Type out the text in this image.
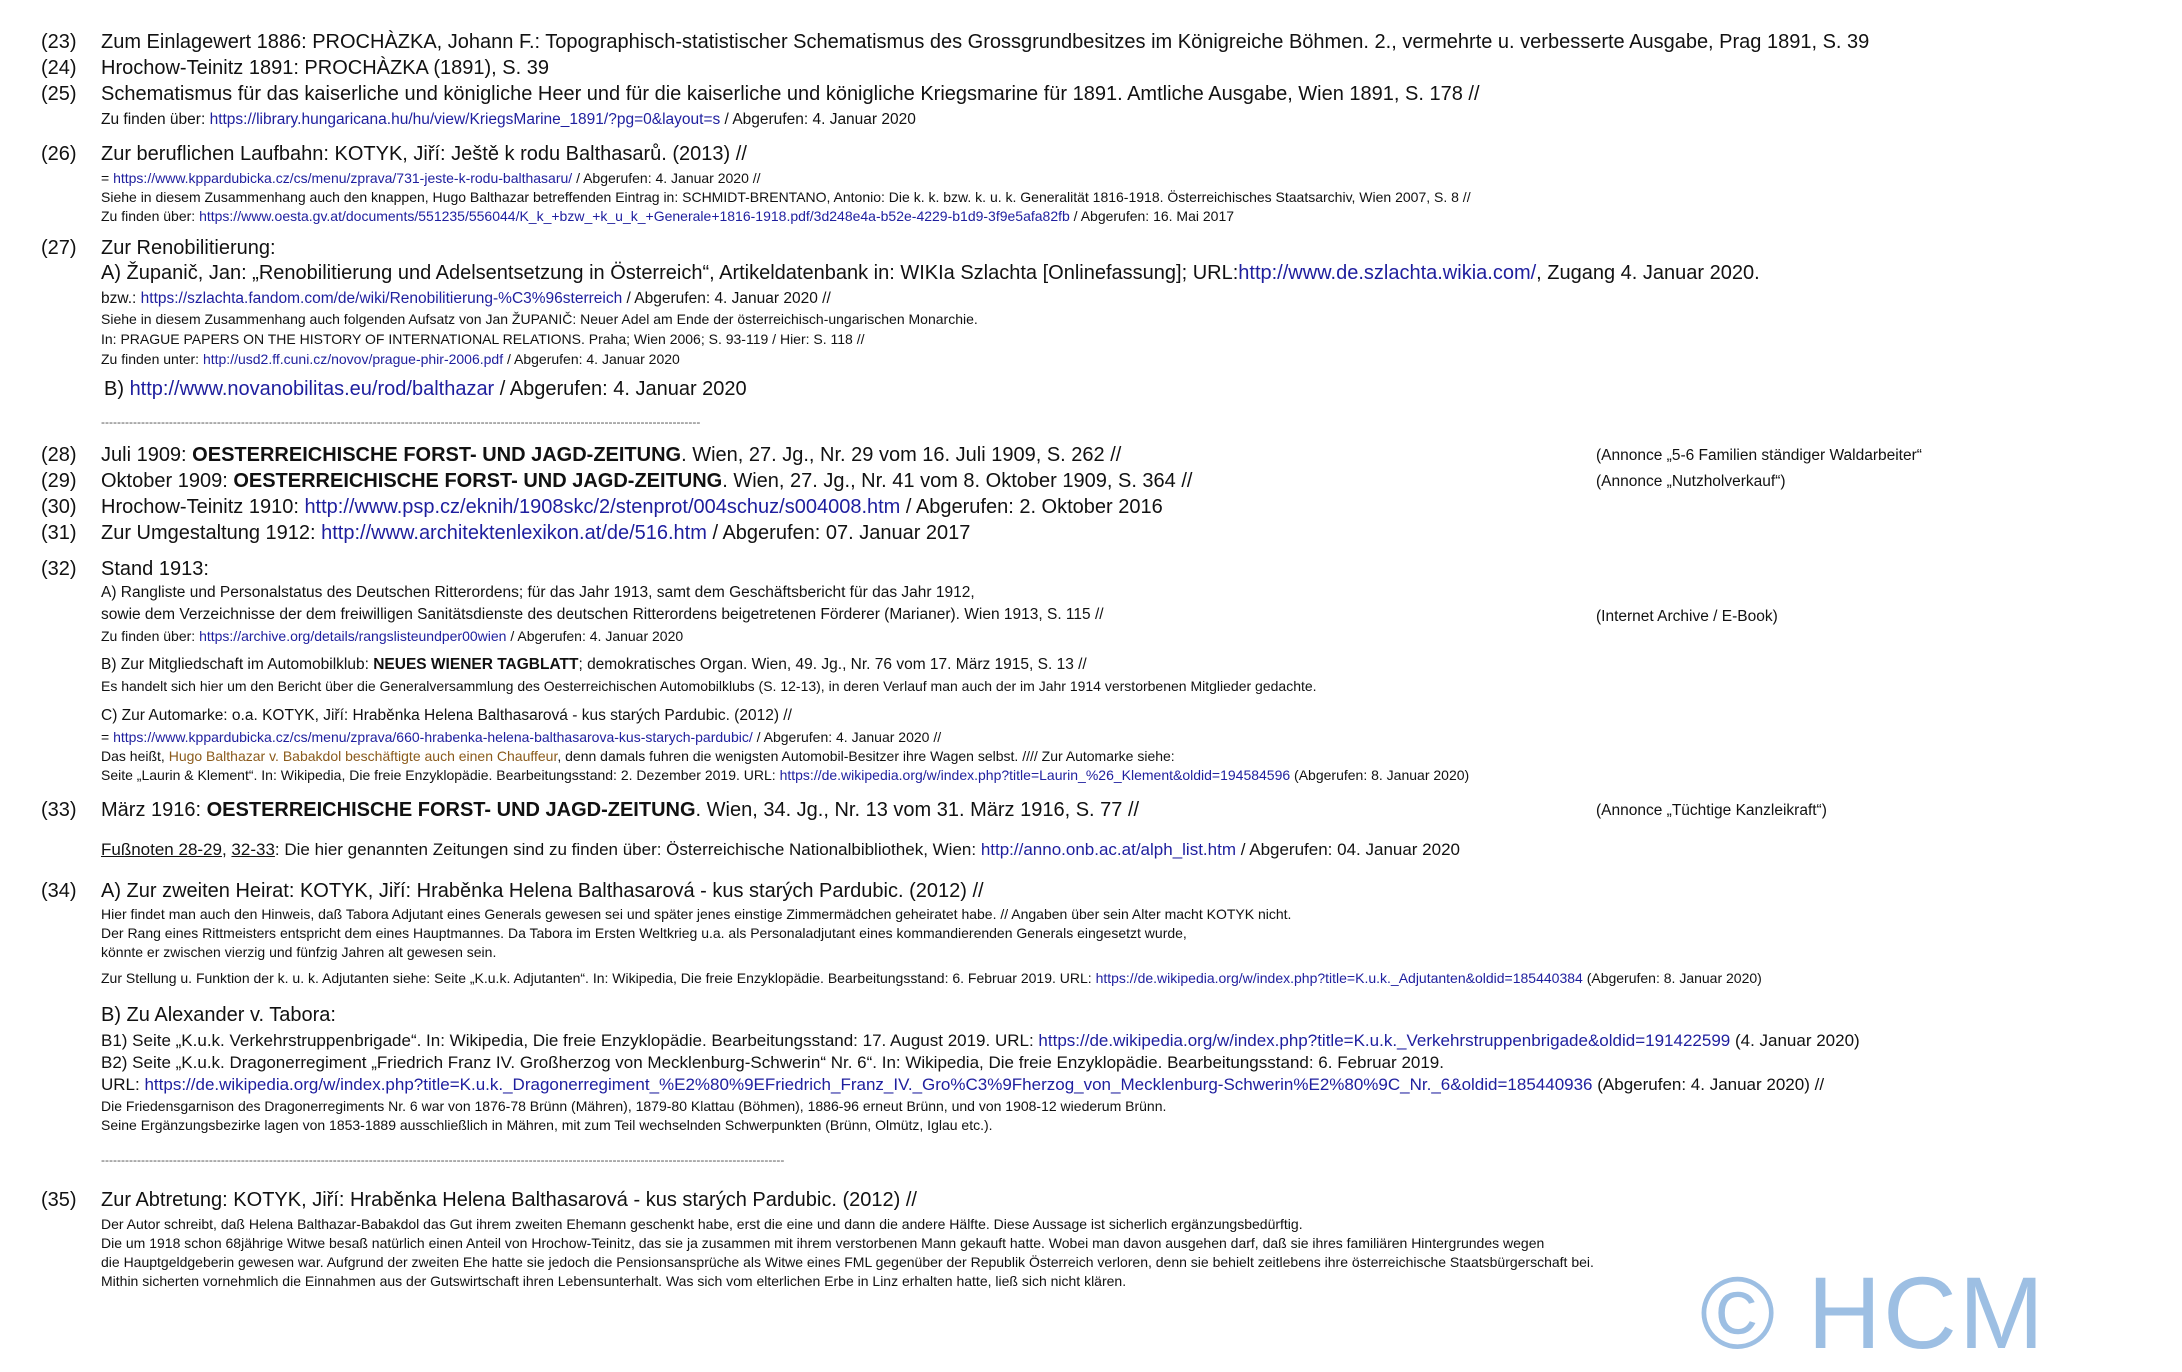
(23) Zum Einlagewert 1886: PROCHÀZKA, Johann F.: Topographisch-statistischer Schematismus des Grossgrundbesitzes im Königreiche Böhmen. 2., vermehrte u. verbesserte Ausgabe, Prag 1891, S. 39
(24) Hrochow-Teinitz 1891: PROCHÀZKA (1891), S. 39
(25) Schematismus für das kaiserliche und königliche Heer und für die kaiserliche und königliche Kriegsmarine für 1891. Amtliche Ausgabe, Wien 1891, S. 178 //
Zu finden über: https://library.hungaricana.hu/hu/view/KriegsMarine_1891/?pg=0&layout=s / Abgerufen: 4. Januar 2020
(26) Zur beruflichen Laufbahn: KOTYK, Jiří: Ještě k rodu Balthasarů. (2013) //
= https://www.kppardubicka.cz/cs/menu/zprava/731-jeste-k-rodu-balthasaru/ / Abgerufen: 4. Januar 2020 //
Siehe in diesem Zusammenhang auch den knappen, Hugo Balthazar betreffenden Eintrag in: SCHMIDT-BRENTANO, Antonio: Die k. k. bzw. k. u. k. Generalität 1816-1918. Österreichisches Staatsarchiv, Wien 2007, S. 8 //
Zu finden über: https://www.oesta.gv.at/documents/551235/556044/K_k_+bzw_+k_u_k_+Generale+1816-1918.pdf/3d248e4a-b52e-4229-b1d9-3f9e5afa82fb / Abgerufen: 16. Mai 2017
(27) Zur Renobilitierung:
A) Županič, Jan: „Renobilitierung und Adelsentsetzung in Österreich“, Artikeldatenbank in: WIKIa Szlachta [Onlinefassung]; URL:http://www.de.szlachta.wikia.com/, Zugang 4. Januar 2020.
bzw.: https://szlachta.fandom.com/de/wiki/Renobilitierung-%C3%96sterreich / Abgerufen: 4. Januar 2020 //
Siehe in diesem Zusammenhang auch folgenden Aufsatz von Jan ŽUPANIČ: Neuer Adel am Ende der österreichisch-ungarischen Monarchie.
In: PRAGUE PAPERS ON THE HISTORY OF INTERNATIONAL RELATIONS. Praha; Wien 2006; S. 93-119 / Hier: S. 118 //
Zu finden unter: http://usd2.ff.cuni.cz/novov/prague-phir-2006.pdf / Abgerufen: 4. Januar 2020
B) http://www.novanobilitas.eu/rod/balthazar / Abgerufen: 4. Januar 2020
------------------------------------------------------------------------------------------------------------------------------------------------------
(28) Juli 1909: OESTERREICHISCHE FORST- UND JAGD-ZEITUNG. Wien, 27. Jg., Nr. 29 vom 16. Juli 1909, S. 262 //	(Annonce „5-6 Familien ständiger Waldarbeiter“
(29) Oktober 1909: OESTERREICHISCHE FORST- UND JAGD-ZEITUNG. Wien, 27. Jg., Nr. 41 vom 8. Oktober 1909, S. 364 //	(Annonce „Nutzholverkauf“)
(30) Hrochow-Teinitz 1910: http://www.psp.cz/eknih/1908skc/2/stenprot/004schuz/s004008.htm / Abgerufen: 2. Oktober 2016
(31) Zur Umgestaltung 1912: http://www.architektenlexikon.at/de/516.htm / Abgerufen: 07. Januar 2017
(32) Stand 1913:
A) Rangliste und Personalstatus des Deutschen Ritterordens; für das Jahr 1913, samt dem Geschäftsbericht für das Jahr 1912,
sowie dem Verzeichnisse der dem freiwilligen Sanitätsdienste des deutschen Ritterordens beigetretenen Förderer (Marianer). Wien 1913, S. 115 //	(Internet Archive / E-Book)
Zu finden über: https://archive.org/details/rangslisteundper00wien / Abgerufen: 4. Januar 2020
B) Zur Mitgliedschaft im Automobilklub: NEUES WIENER TAGBLATT; demokratisches Organ. Wien, 49. Jg., Nr. 76 vom 17. März 1915, S. 13 //
Es handelt sich hier um den Bericht über die Generalversammlung des Oesterreichischen Automobilklubs (S. 12-13), in deren Verlauf man auch der im Jahr 1914 verstorbenen Mitglieder gedachte.
C) Zur Automarke: o.a. KOTYK, Jiří: Hraběnka Helena Balthasarová - kus starých Pardubic. (2012) //
= https://www.kppardubicka.cz/cs/menu/zprava/660-hrabenka-helena-balthasarova-kus-starych-pardubic/ / Abgerufen: 4. Januar 2020 //
Das heißt, Hugo Balthazar v. Babakdol beschäftigte auch einen Chauffeur, denn damals fuhren die wenigsten Automobil-Besitzer ihre Wagen selbst. //// Zur Automarke siehe:
Seite „Laurin & Klement“. In: Wikipedia, Die freie Enzyklopädie. Bearbeitungsstand: 2. Dezember 2019. URL: https://de.wikipedia.org/w/index.php?title=Laurin_%26_Klement&oldid=194584596 (Abgerufen: 8. Januar 2020)
(33) März 1916: OESTERREICHISCHE FORST- UND JAGD-ZEITUNG. Wien, 34. Jg., Nr. 13 vom 31. März 1916, S. 77 //	(Annonce „Tüchtige Kanzleikraft“)
Fußnoten 28-29, 32-33: Die hier genannten Zeitungen sind zu finden über: Österreichische Nationalbibliothek, Wien: http://anno.onb.ac.at/alph_list.htm / Abgerufen: 04. Januar 2020
(34) A) Zur zweiten Heirat: KOTYK, Jiří: Hraběnka Helena Balthasarová - kus starých Pardubic. (2012) //
Hier findet man auch den Hinweis, daß Tabora Adjutant eines Generals gewesen sei und später jenes einstige Zimmermädchen geheiratet habe. // Angaben über sein Alter macht KOTYK nicht.
Der Rang eines Rittmeisters entspricht dem eines Hauptmannes. Da Tabora im Ersten Weltkrieg u.a. als Personaladjutant eines kommandierenden Generals eingesetzt wurde,
könnte er zwischen vierzig und fünfzig Jahren alt gewesen sein.
Zur Stellung u. Funktion der k. u. k. Adjutanten siehe: Seite „K.u.k. Adjutanten“. In: Wikipedia, Die freie Enzyklopädie. Bearbeitungsstand: 6. Februar 2019. URL: https://de.wikipedia.org/w/index.php?title=K.u.k._Adjutanten&oldid=185440384 (Abgerufen: 8. Januar 2020)
B) Zu Alexander v. Tabora:
B1) Seite „K.u.k. Verkehrstruppenbrigade“. In: Wikipedia, Die freie Enzyklopädie. Bearbeitungsstand: 17. August 2019. URL: https://de.wikipedia.org/w/index.php?title=K.u.k._Verkehrstruppenbrigade&oldid=191422599 (4. Januar 2020)
B2) Seite „K.u.k. Dragonerregiment „Friedrich Franz IV. Großherzog von Mecklenburg-Schwerin“ Nr. 6“. In: Wikipedia, Die freie Enzyklopädie. Bearbeitungsstand: 6. Februar 2019.
URL: https://de.wikipedia.org/w/index.php?title=K.u.k._Dragonerregiment_%E2%80%9EFriedrich_Franz_IV._Gro%C3%9Fherzog_von_Mecklenburg-Schwerin%E2%80%9C_Nr._6&oldid=185440936 (Abgerufen: 4. Januar 2020) //
Die Friedensgarnison des Dragonerregiments Nr. 6 war von 1876-78 Brünn (Mähren), 1879-80 Klattau (Böhmen), 1886-96 erneut Brünn, und von 1908-12 wiederum Brünn.
Seine Ergänzungsbezirke lagen von 1853-1889 ausschließlich in Mähren, mit zum Teil wechselnden Schwerpunkten (Brünn, Olmütz, Iglau etc.).
---------------------------------------------------------------------------------------------------------------------------------------------------------------------------
(35) Zur Abtretung: KOTYK, Jiří: Hraběnka Helena Balthasarová - kus starých Pardubic. (2012) //
Der Autor schreibt, daß Helena Balthazar-Babakdol das Gut ihrem zweiten Ehemann geschenkt habe, erst die eine und dann die andere Hälfte. Diese Aussage ist sicherlich ergänzungsbedürftig.
Die um 1918 schon 68jährige Witwe besaß natürlich einen Anteil von Hrochow-Teinitz, das sie ja zusammen mit ihrem verstorbenen Mann gekauft hatte. Wobei man davon ausgehen darf, daß sie ihres familiären Hintergrundes wegen
die Hauptgeldgeberin gewesen war. Aufgrund der zweiten Ehe hatte sie jedoch die Pensionsansprüche als Witwe eines FML gegenüber der Republik Österreich verloren, denn sie behielt zeitlebens ihre österreichische Staatsbürgerschaft bei.
Mithin sicherten vornehmlich die Einnahmen aus der Gutswirtschaft ihren Lebensunterhalt. Was sich vom elterlichen Erbe in Linz erhalten hatte, ließ sich nicht klären.	© HCM
